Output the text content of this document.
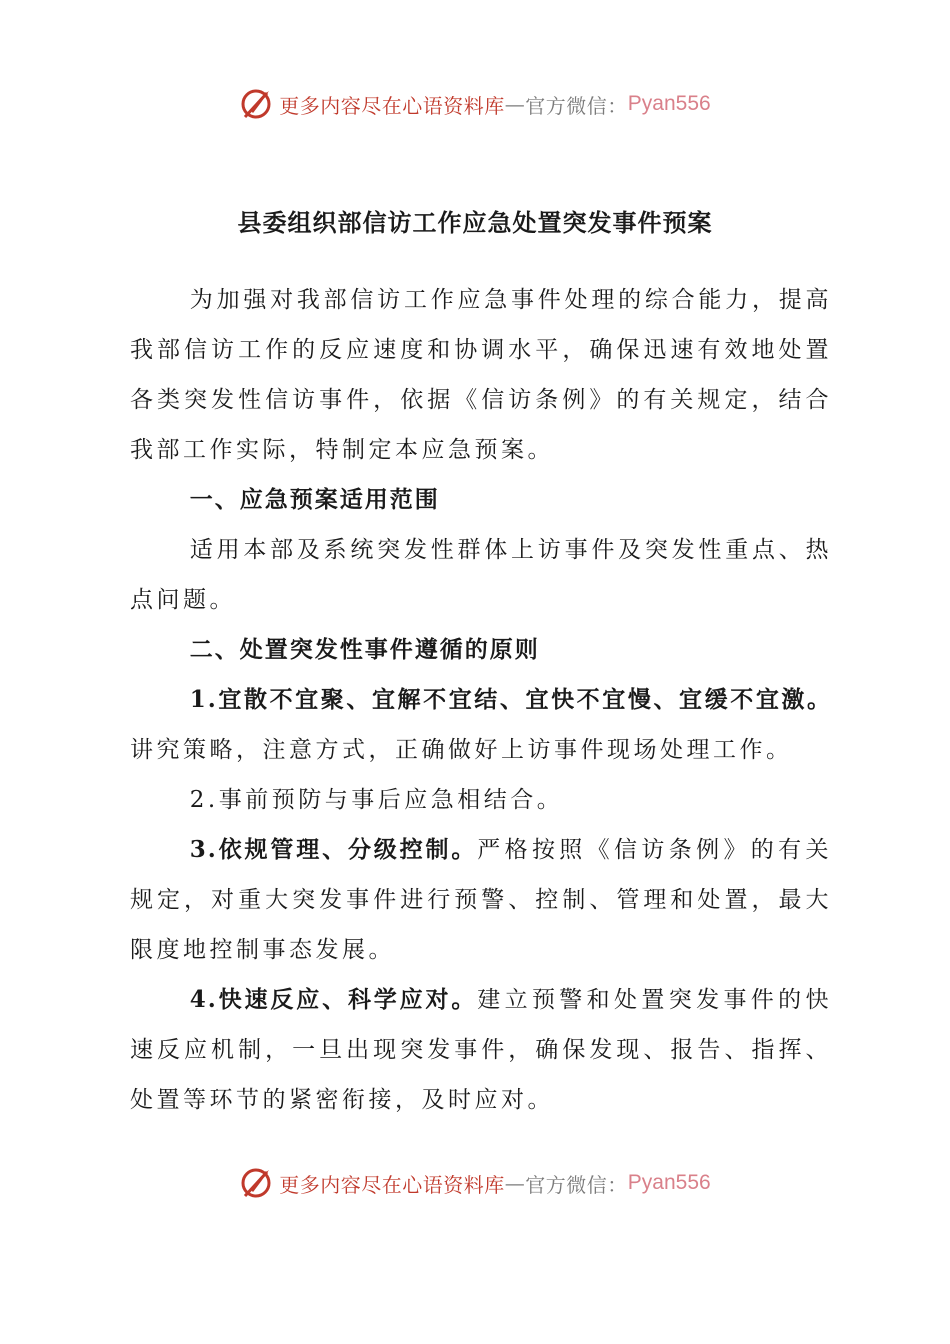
更多内容尽在心语资料库 — 官方微信： Pyan556
县委组织部信访工作应急处置突发事件预案

为加强对我部信访工作应急事件处理的综合能力，提高我部信访工作的反应速度和协调水平，确保迅速有效地处置各类突发性信访事件，依据《信访条例》的有关规定，结合我部工作实际，特制定本应急预案。

一、应急预案适用范围

适用本部及系统突发性群体上访事件及突发性重点、热点问题。

二、处置突发性事件遵循的原则

1.宜散不宜聚、宜解不宜结、宜快不宜慢、宜缓不宜激。讲究策略，注意方式，正确做好上访事件现场处理工作。

2.事前预防与事后应急相结合。

3.依规管理、分级控制。严格按照《信访条例》的有关规定，对重大突发事件进行预警、控制、管理和处置，最大限度地控制事态发展。

4.快速反应、科学应对。建立预警和处置突发事件的快速反应机制，一旦出现突发事件，确保发现、报告、指挥、处置等环节的紧密衔接，及时应对。

更多内容尽在心语资料库 — 官方微信： Pyan556
